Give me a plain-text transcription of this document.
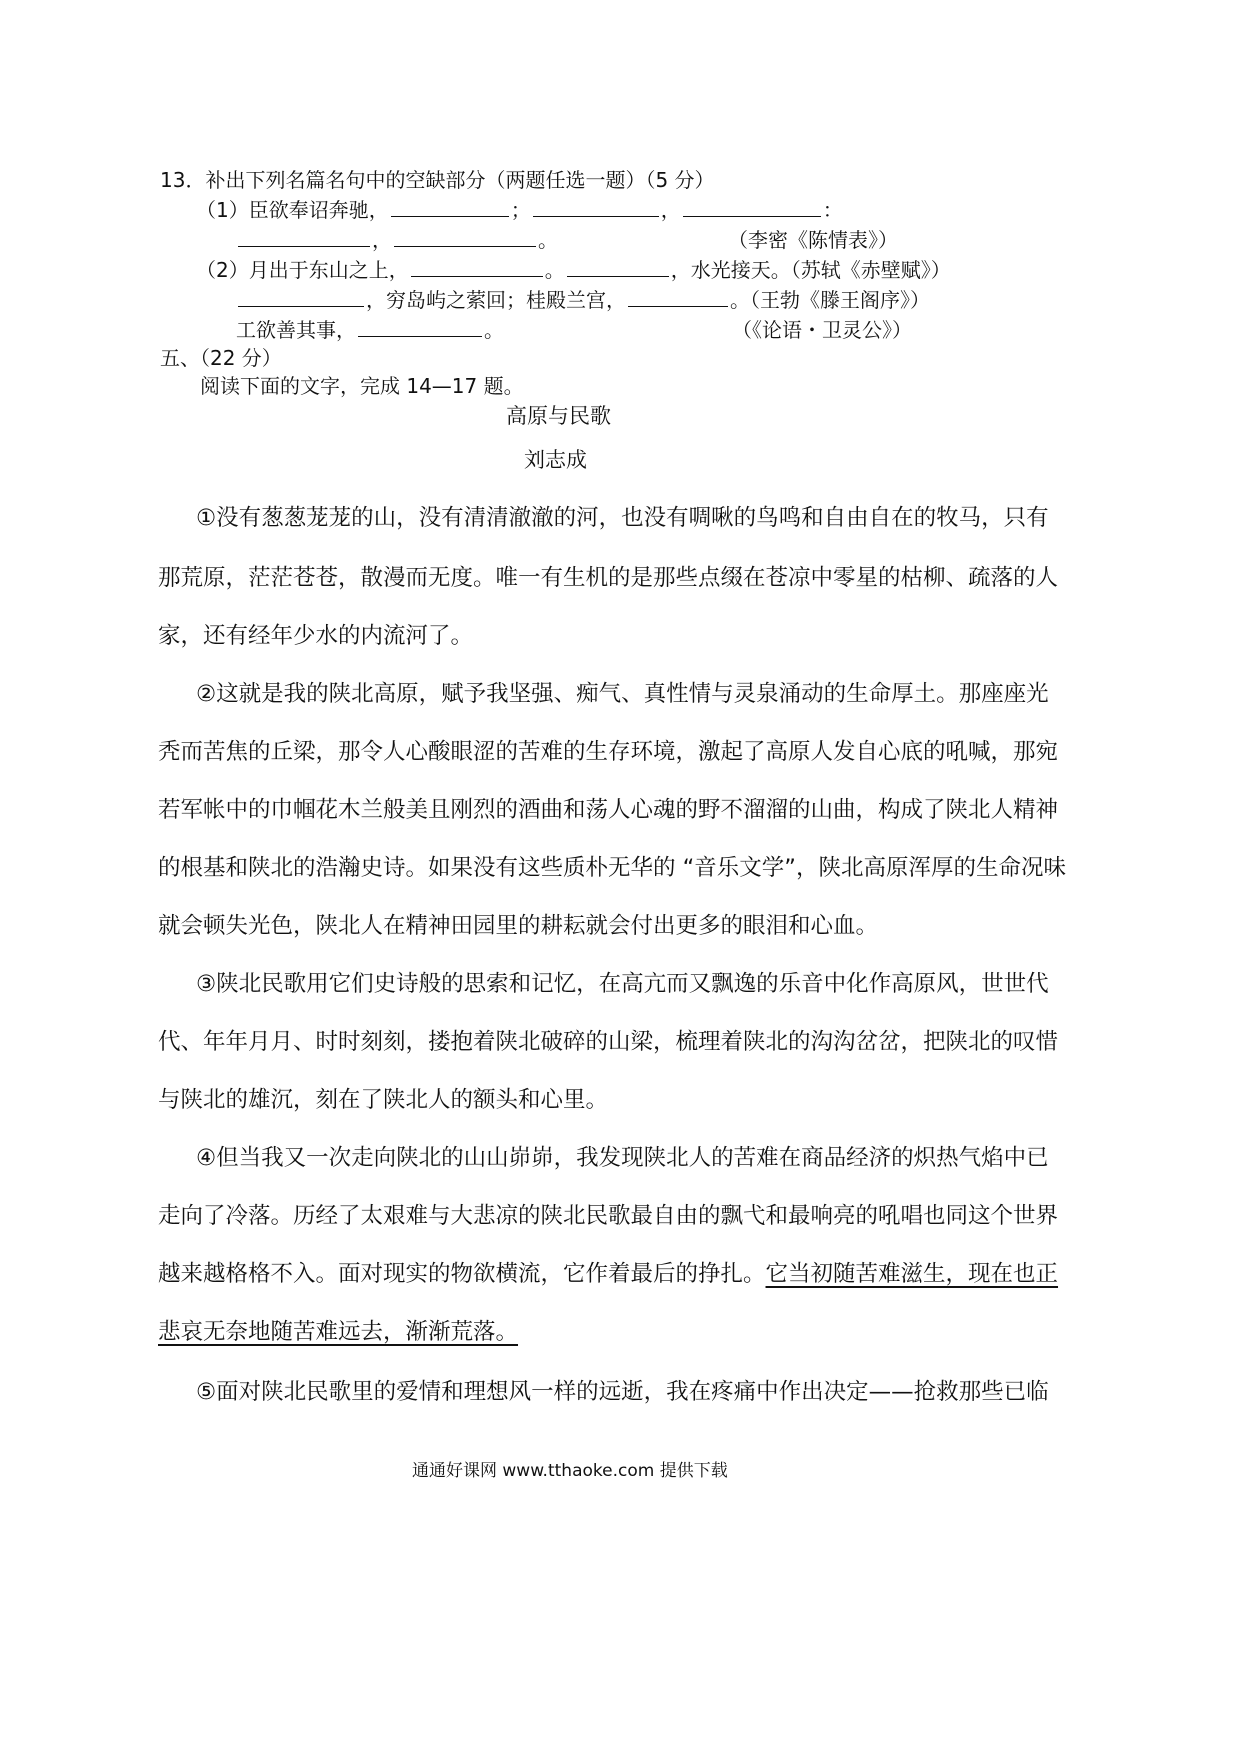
13．补出下列名篇名句中的空缺部分（两题任选一题）（5 分）
（1）臣欲奉诏奔驰，	；	，	：
，	。	（李密《陈情表》）
（2）月出于东山之上，	。	，水光接天。（苏轼《赤壁赋》）
，穷岛屿之萦回；桂殿兰宫，	。（王勃《滕王阁序》）
工欲善其事，	。	（《论语・卫灵公》）
五、（22 分）
阅读下面的文字，完成 14—17 题。
高原与民歌
刘志成
①没有葱葱茏茏的山，没有清清澈澈的河，也没有啁啾的鸟鸣和自由自在的牧马，只有
那荒原，茫茫苍苍，散漫而无度。唯一有生机的是那些点缀在苍凉中零星的枯柳、疏落的人
家，还有经年少水的内流河了。
②这就是我的陕北高原，赋予我坚强、痴气、真性情与灵泉涌动的生命厚土。那座座光
秃而苦焦的丘梁，那令人心酸眼涩的苦难的生存环境，激起了高原人发自心底的吼喊，那宛
若军帐中的巾帼花木兰般美且刚烈的酒曲和荡人心魂的野不溜溜的山曲，构成了陕北人精神
的根基和陕北的浩瀚史诗。如果没有这些质朴无华的 “音乐文学”，陕北高原浑厚的生命况味
就会顿失光色，陕北人在精神田园里的耕耘就会付出更多的眼泪和心血。
③陕北民歌用它们史诗般的思索和记忆，在高亢而又飘逸的乐音中化作高原风，世世代
代、年年月月、时时刻刻，搂抱着陕北破碎的山梁，梳理着陕北的沟沟岔岔，把陕北的叹惜
与陕北的雄沉，刻在了陕北人的额头和心里。
④但当我又一次走向陕北的山山峁峁，我发现陕北人的苦难在商品经济的炽热气焰中已
走向了冷落。历经了太艰难与大悲凉的陕北民歌最自由的飘弋和最响亮的吼唱也同这个世界
越来越格格不入。面对现实的物欲横流，它作着最后的挣扎。它当初随苦难滋生，现在也正
悲哀无奈地随苦难远去，渐渐荒落。
⑤面对陕北民歌里的爱情和理想风一样的远逝，我在疼痛中作出决定——抢救那些已临
通通好课网 www.tthaoke.com 提供下载
